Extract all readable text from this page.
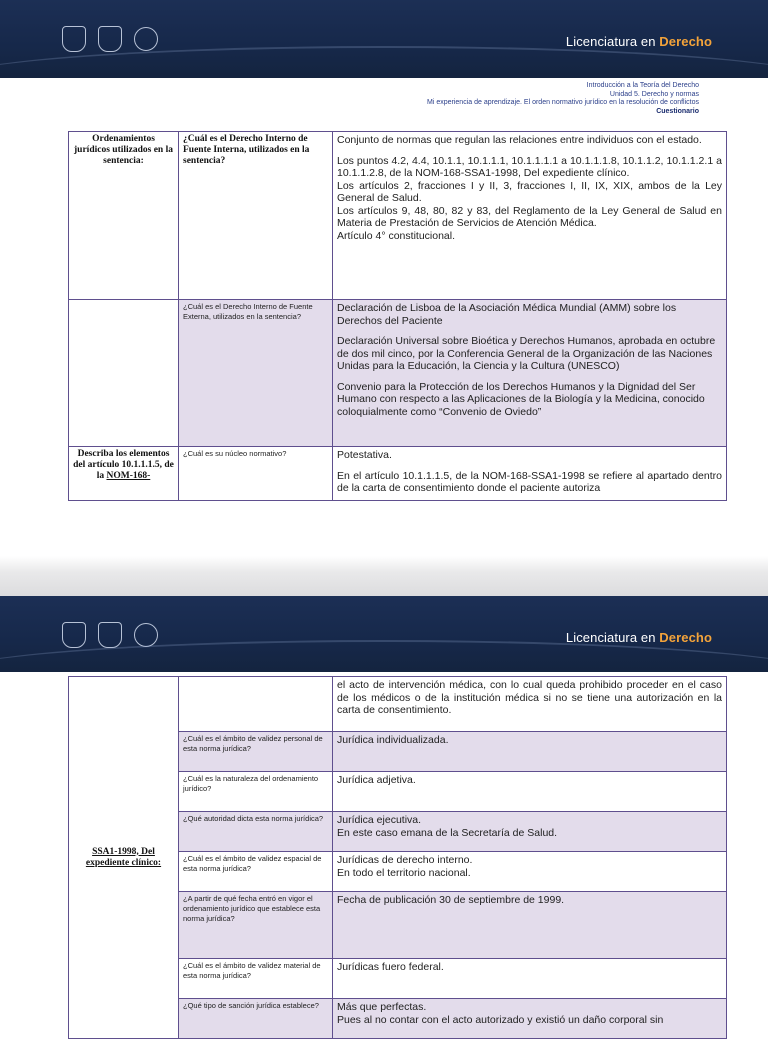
Licenciatura en Derecho
Introducción a la Teoría del Derecho
Unidad 5. Derecho y normas
Mi experiencia de aprendizaje. El orden normativo jurídico en la resolución de conflictos
Cuestionario
Ordenamientos jurídicos utilizados en la sentencia:	¿Cuál es el Derecho Interno de Fuente Interna, utilizados en la sentencia?	Conjunto de normas que regulan las relaciones entre individuos con el estado.

Los puntos 4.2, 4.4, 10.1.1, 10.1.1.1, 10.1.1.1.1 a 10.1.1.1.8, 10.1.1.2, 10.1.1.2.1 a 10.1.1.2.8, de la NOM-168-SSA1-1998, Del expediente clínico.

Los artículos 2, fracciones I y II, 3, fracciones I, II, IX, XIX, ambos de la Ley General de Salud.

Los artículos 9, 48, 80, 82 y 83, del Reglamento de la Ley General de Salud en Materia de Prestación de Servicios de Atención Médica.

Artículo 4° constitucional.

	¿Cuál es el Derecho Interno de Fuente Externa, utilizados en la sentencia?	Declaración de Lisboa de la Asociación Médica Mundial (AMM) sobre los Derechos del Paciente

Declaración Universal sobre Bioética y Derechos Humanos, aprobada en octubre de dos mil cinco, por la Conferencia General de la Organización de las Naciones Unidas para la Educación, la Ciencia y la Cultura (UNESCO)

Convenio para la Protección de los Derechos Humanos y la Dignidad del Ser Humano con respecto a las Aplicaciones de la Biología y la Medicina, conocido coloquialmente como “Convenio de Oviedo”

Describa los elementos del artículo 10.1.1.1.5, de la NOM-168-	¿Cuál es su núcleo normativo?	Potestativa.

En el artículo 10.1.1.1.5, de la NOM-168-SSA1-1998 se refiere al apartado dentro de la carta de consentimiento donde el paciente autoriza

Licenciatura en Derecho
SSA1-1998, Del expediente clínico:		el acto de intervención médica, con lo cual queda prohibido proceder en el caso de los médicos o de la institución médica si no se tiene una autorización en la carta de consentimiento.

	¿Cuál es el ámbito de validez personal de esta norma jurídica?	Jurídica individualizada.

	¿Cuál es la naturaleza del ordenamiento jurídico?	Jurídica adjetiva.

	¿Qué autoridad dicta esta norma jurídica?	Jurídica ejecutiva.

En este caso emana de la Secretaría de Salud.

	¿Cuál es el ámbito de validez espacial de esta norma jurídica?	Jurídicas de derecho interno.

En todo el territorio nacional.

	¿A partir de qué fecha entró en vigor el ordenamiento jurídico que establece esta norma jurídica?	Fecha de publicación 30 de septiembre de 1999.

	¿Cuál es el ámbito de validez material de esta norma jurídica?	Jurídicas fuero federal.

	¿Qué tipo de sanción jurídica establece?	Más que perfectas.

Pues al no contar con el acto autorizado y existió un daño corporal sin
